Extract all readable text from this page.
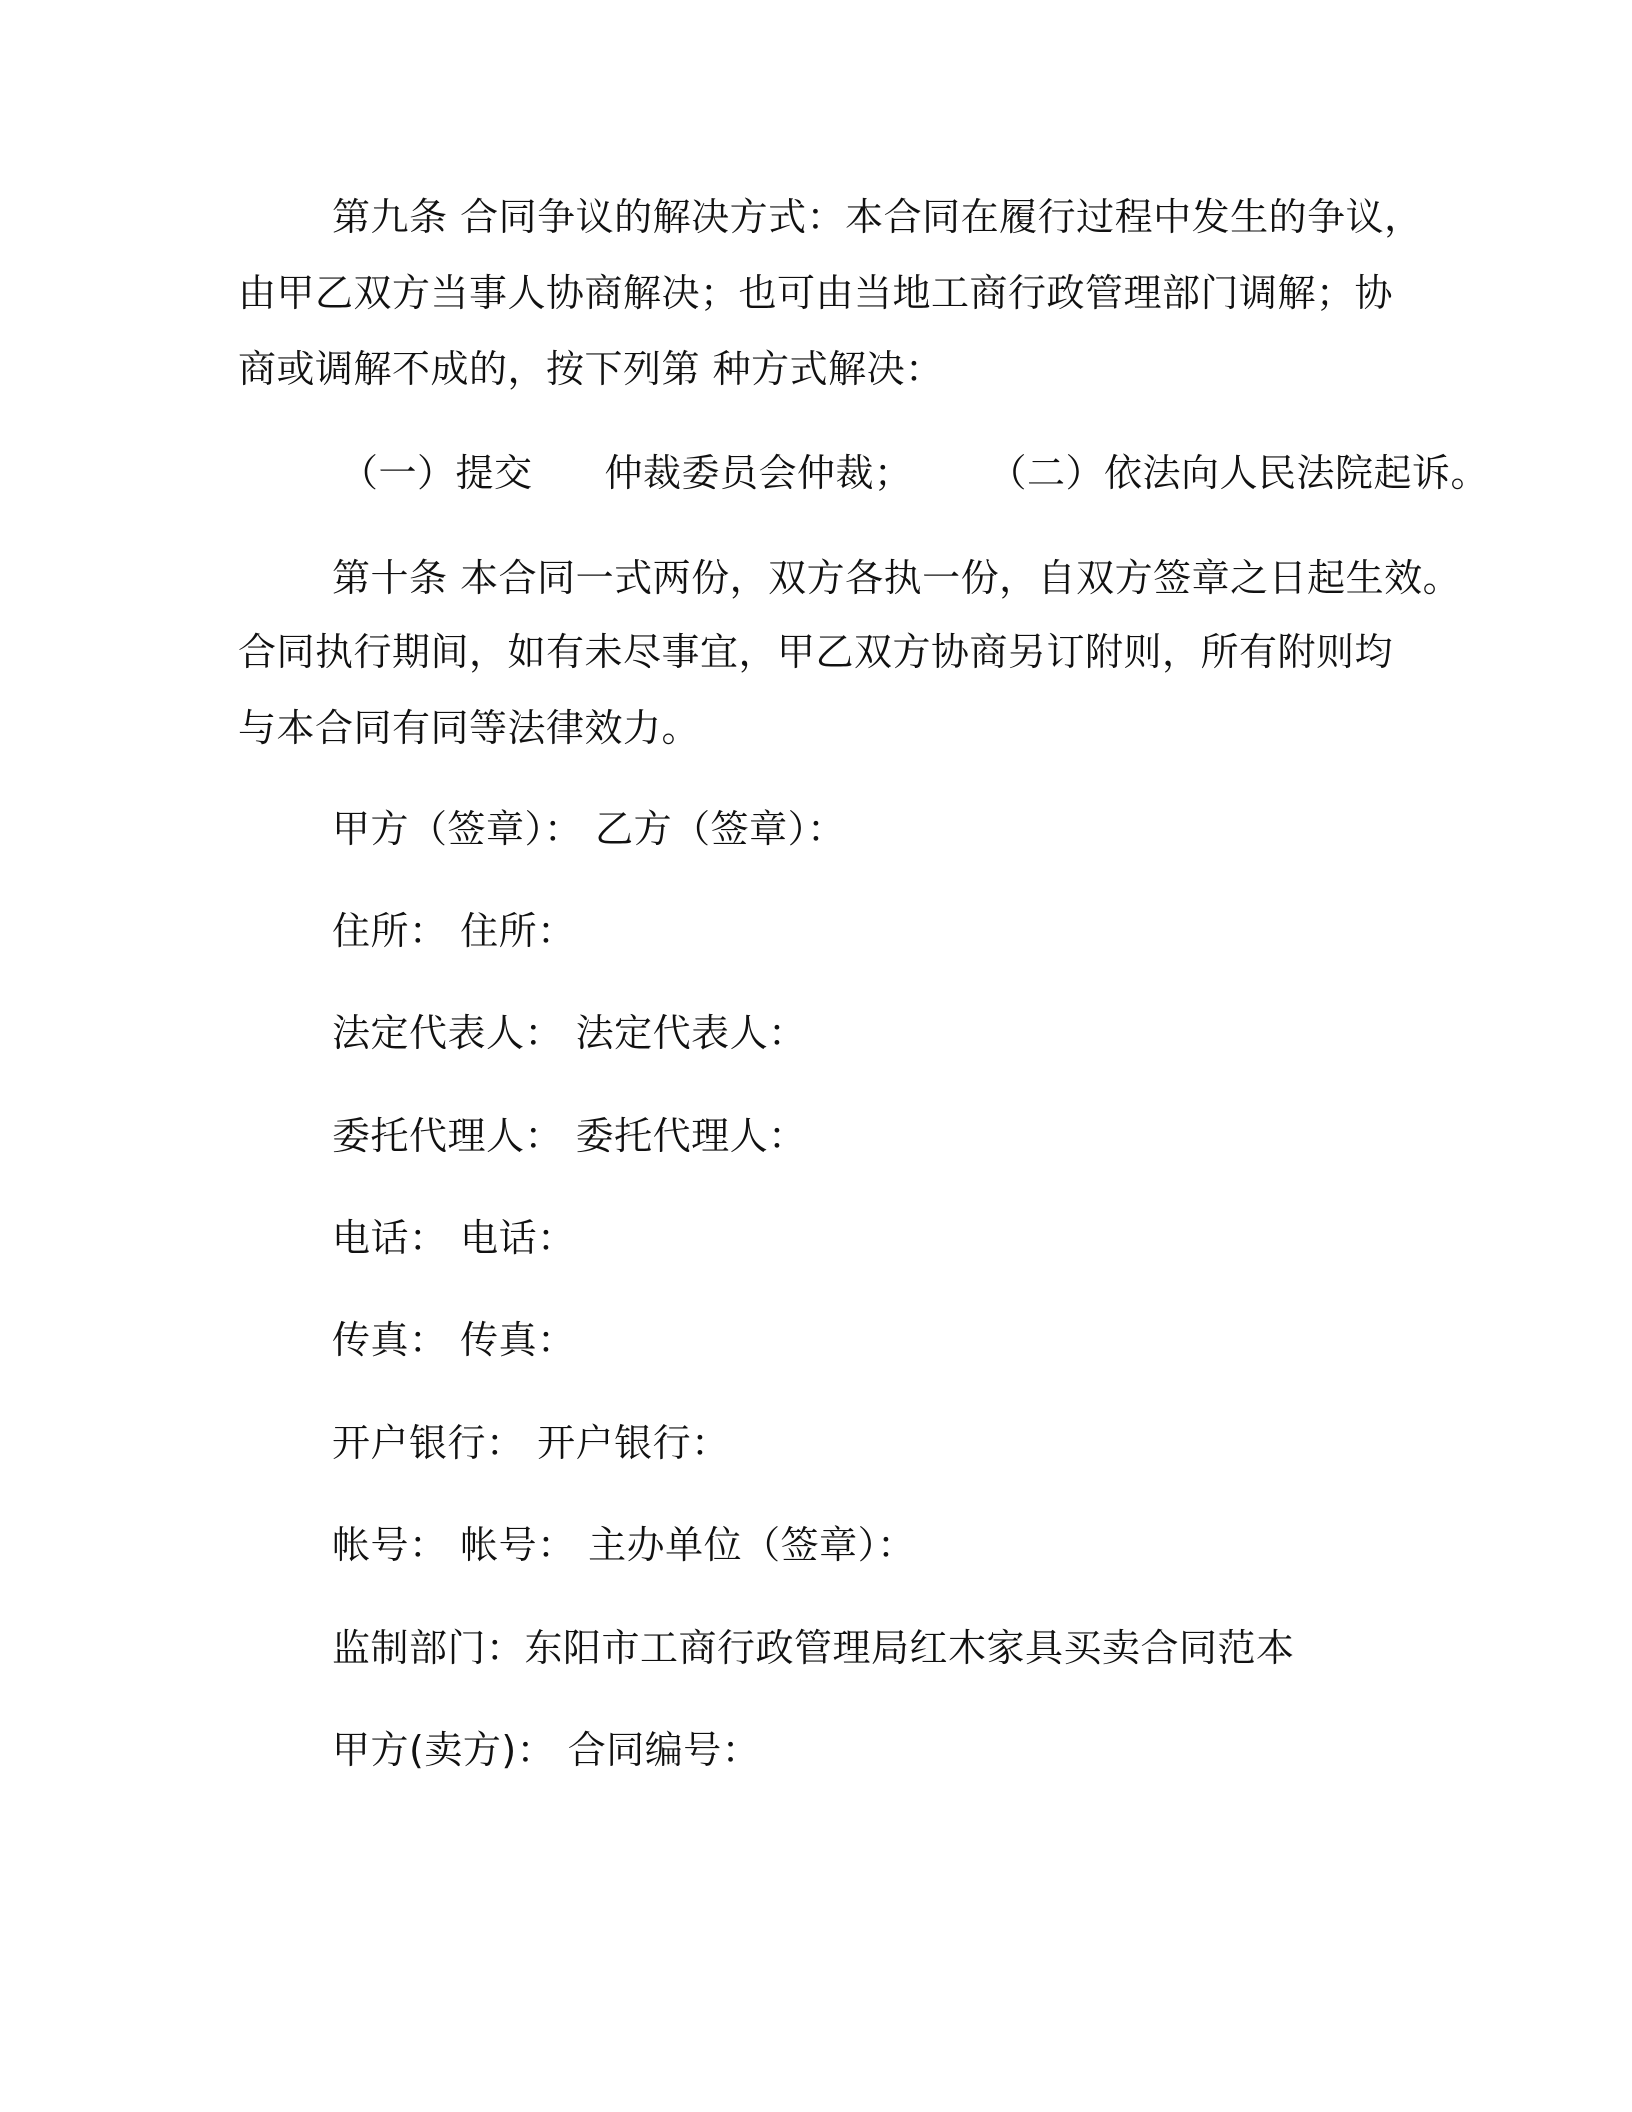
第九条 合同争议的解决方式：本合同在履行过程中发生的争议，
由甲乙双方当事人协商解决；也可由当地工商行政管理部门调解；协
商或调解不成的，按下列第 种方式解决：
（一）提交 仲裁委员会仲裁； （二）依法向人民法院起诉。
第十条 本合同一式两份，双方各执一份，自双方签章之日起生效。
合同执行期间，如有未尽事宜，甲乙双方协商另订附则，所有附则均
与本合同有同等法律效力。
甲方（签章）： 乙方（签章）：
住所： 住所：
法定代表人： 法定代表人：
委托代理人： 委托代理人：
电话： 电话：
传真： 传真：
开户银行： 开户银行：
帐号： 帐号： 主办单位（签章）：
监制部门：东阳市工商行政管理局红木家具买卖合同范本
甲方(卖方)： 合同编号：
